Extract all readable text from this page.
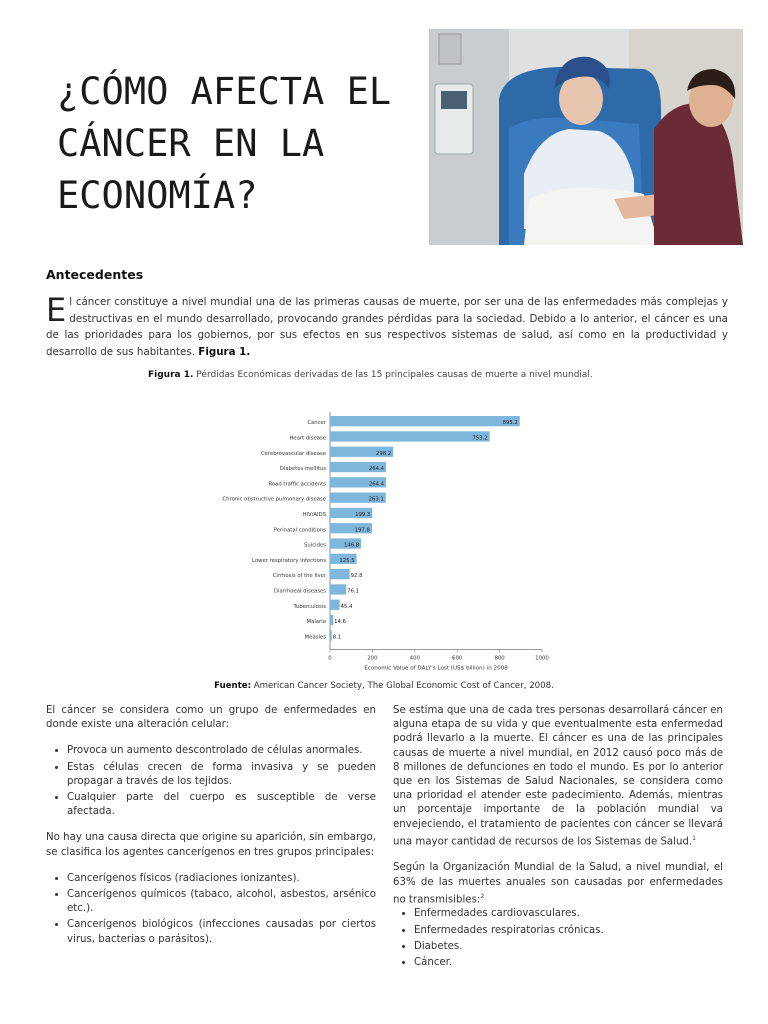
¿CÓMO AFECTA EL CÁNCER EN LA ECONOMÍA?
Antecedentes

El cáncer constituye a nivel mundial una de las primeras causas de muerte, por ser una de las enfermedades más complejas y destructivas en el mundo desarrollado, provocando grandes pérdidas para la sociedad. Debido a lo anterior, el cáncer es una de las prioridades para los gobiernos, por sus efectos en sus respectivos sistemas de salud, así como en la productividad y desarrollo de sus habitantes. Figura 1.

Figura 1. Pérdidas Económicas derivadas de las 15 principales causas de muerte a nivel mundial.

Cancer	895.2
Heart disease	753.2
Cerebrovascular disease	298.2
Diabetes mellitus	264.4
Road traffic accidents	264.4
Chronic obstructive pulmonary disease	263.1
HIV/AIDS	199.3
Perinatal conditions	197.8
Suicides	146.8
Lower respiratory infections	125.5
Cirrhosis of the liver	92.8
Diarrhoeal diseases	76.1
Tuberculosis	45.4
Malaria 14.6
Measles 8.1
0	200	400	600	800	1000
Economic Value of DALY's Lost (US$ billion) in 2008

Fuente: American Cancer Society, The Global Economic Cost of Cancer, 2008.

El cáncer se considera como un grupo de enfermedades en donde existe una alteración celular:

• Provoca un aumento descontrolado de células anormales.
• Estas células crecen de forma invasiva y se pueden propagar a través de los tejidos.
• Cualquier parte del cuerpo es susceptible de verse afectada.

No hay una causa directa que origine su aparición, sin embargo, se clasifica los agentes cancerígenos en tres grupos principales:

• Cancerígenos físicos (radiaciones ionizantes).
• Cancerígenos químicos (tabaco, alcohol, asbestos, arsénico etc.).
• Cancerígenos biológicos (infecciones causadas por ciertos virus, bacterias o parásitos).

Se estima que una de cada tres personas desarrollará cáncer en alguna etapa de su vida y que eventualmente esta enfermedad podrá llevarlo a la muerte. El cáncer es una de las principales causas de muerte a nivel mundial, en 2012 causó poco más de 8 millones de defunciones en todo el mundo. Es por lo anterior que en los Sistemas de Salud Nacionales, se considera como una prioridad el atender este padecimiento. Además, mientras un porcentaje importante de la población mundial va envejeciendo, el tratamiento de pacientes con cáncer se llevará una mayor cantidad de recursos de los Sistemas de Salud.$^1$

Según la Organización Mundial de la Salud, a nivel mundial, el 63% de las muertes anuales son causadas por enfermedades no transmisibles:$^2$

• Enfermedades cardiovasculares.
• Enfermedades respiratorias crónicas.
• Diabetes.
• Cáncer.
